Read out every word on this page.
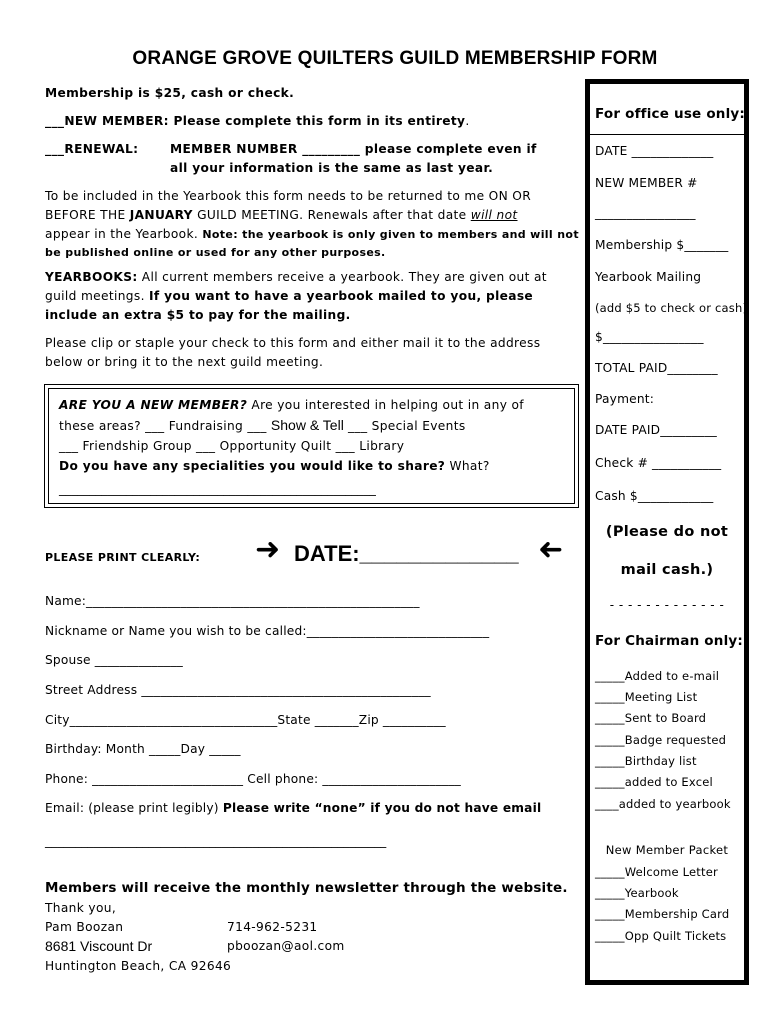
ORANGE GROVE QUILTERS GUILD MEMBERSHIP FORM
Membership is $25, cash or check.
___NEW MEMBER: Please complete this form in its entirety.
___RENEWAL:	MEMBER NUMBER _________ please complete even if
all your information is the same as last year.
To be included in the Yearbook this form needs to be returned to me ON OR
BEFORE THE JANUARY GUILD MEETING. Renewals after that date will not
appear in the Yearbook. Note: the yearbook is only given to members and will not
be published online or used for any other purposes.
YEARBOOKS: All current members receive a yearbook. They are given out at
guild meetings. If you want to have a yearbook mailed to you, please
include an extra $5 to pay for the mailing.
Please clip or staple your check to this form and either mail it to the address
below or bring it to the next guild meeting.
ARE YOU A NEW MEMBER? Are you interested in helping out in any of
these areas? ___ Fundraising ___ Show & Tell ___ Special Events
___ Friendship Group ___ Opportunity Quilt ___ Library
Do you have any specialities you would like to share? What?
____________________________________________________
PLEASE PRINT CLEARLY: ➜ DATE:_____________ ➜
Name:_____________________________________________________
Nickname or Name you wish to be called:_____________________________
Spouse ______________
Street Address ______________________________________________
City_________________________________State _______Zip __________
Birthday: Month _____Day _____
Phone: ________________________ Cell phone: ______________________
Email: (please print legibly) Please write “none” if you do not have email
________________________________________________________
Members will receive the monthly newsletter through the website.
Thank you,
Pam Boozan	714-962-5231
8681 Viscount Dr	pboozan@aol.com
Huntington Beach, CA 92646
For office use only:
DATE _____________
NEW MEMBER #
________________
Membership $_______
Yearbook Mailing
(add $5 to check or cash)
$________________
TOTAL PAID________
Payment:
DATE PAID_________
Check # ___________
Cash $____________
(Please do not
mail cash.)
- - - - - - - - - - - - -
For Chairman only:
_____Added to e-mail
_____Meeting List
_____Sent to Board
_____Badge requested
_____Birthday list
_____added to Excel
____added to yearbook
New Member Packet
_____Welcome Letter
_____Yearbook
_____Membership Card
_____Opp Quilt Tickets
